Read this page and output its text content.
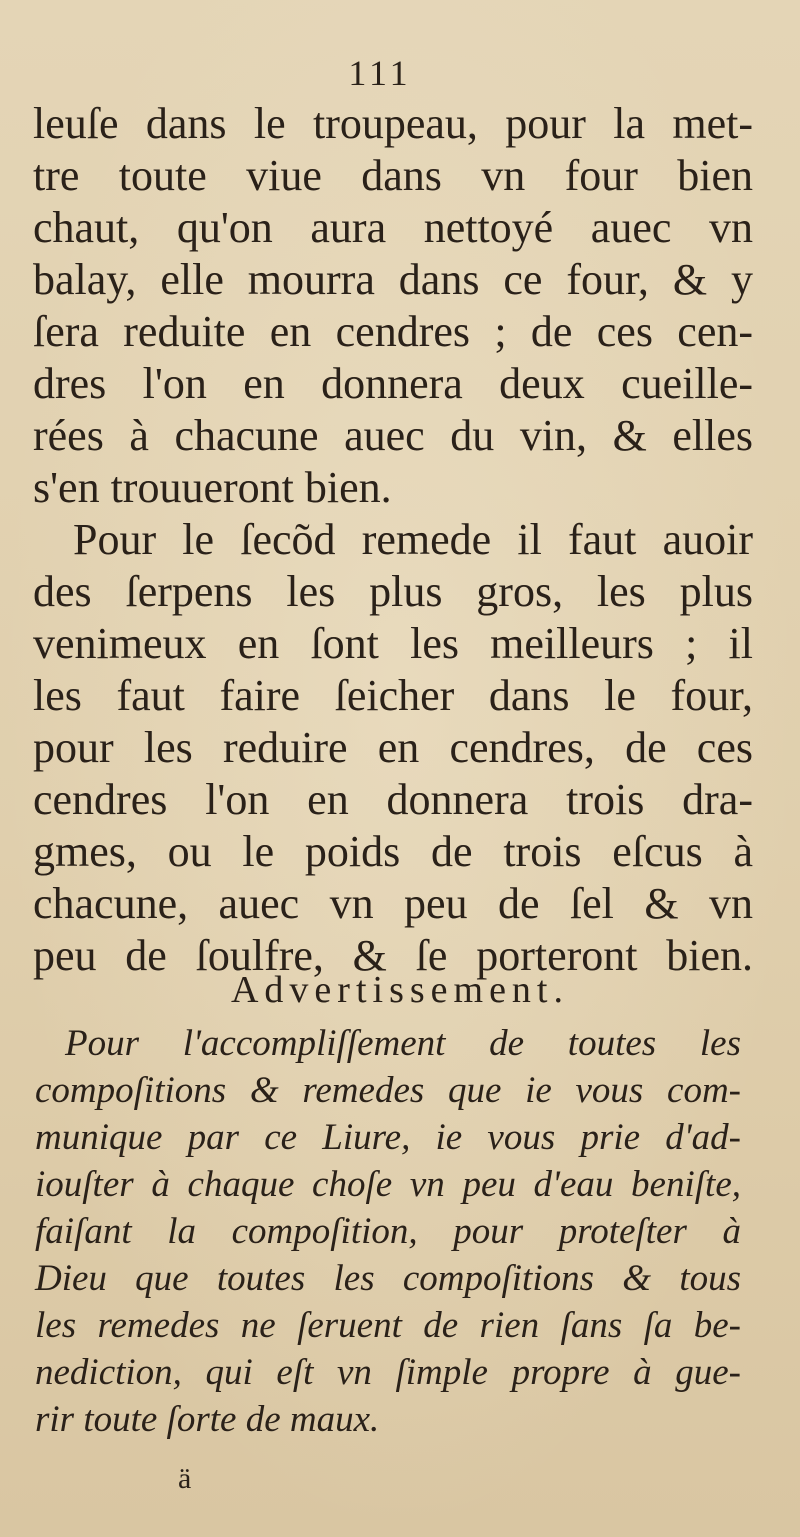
111
leuſe dans le troupeau, pour la met-
tre toute viue dans vn four bien
chaut, qu'on aura nettoyé auec vn
balay, elle mourra dans ce four, & y
ſera reduite en cendres ; de ces cen-
dres l'on en donnera deux cueille-
rées à chacune auec du vin, & elles
s'en trouueront bien.
Pour le ſecõd remede il faut auoir
des ſerpens les plus gros, les plus
venimeux en ſont les meilleurs ; il
les faut faire ſeicher dans le four,
pour les reduire en cendres, de ces
cendres l'on en donnera trois dra-
gmes, ou le poids de trois eſcus à
chacune, auec vn peu de ſel & vn
peu de ſoulfre, & ſe porteront bien.
Advertissement.
Pour l'accompliſſement de toutes les
compoſitions & remedes que ie vous com-
munique par ce Liure, ie vous prie d'ad-
iouſter à chaque choſe vn peu d'eau beniſte,
faiſant la compoſition, pour proteſter à
Dieu que toutes les compoſitions & tous
les remedes ne ſeruent de rien ſans ſa be-
nediction, qui eſt vn ſimple propre à gue-
rir toute ſorte de maux.
ä
